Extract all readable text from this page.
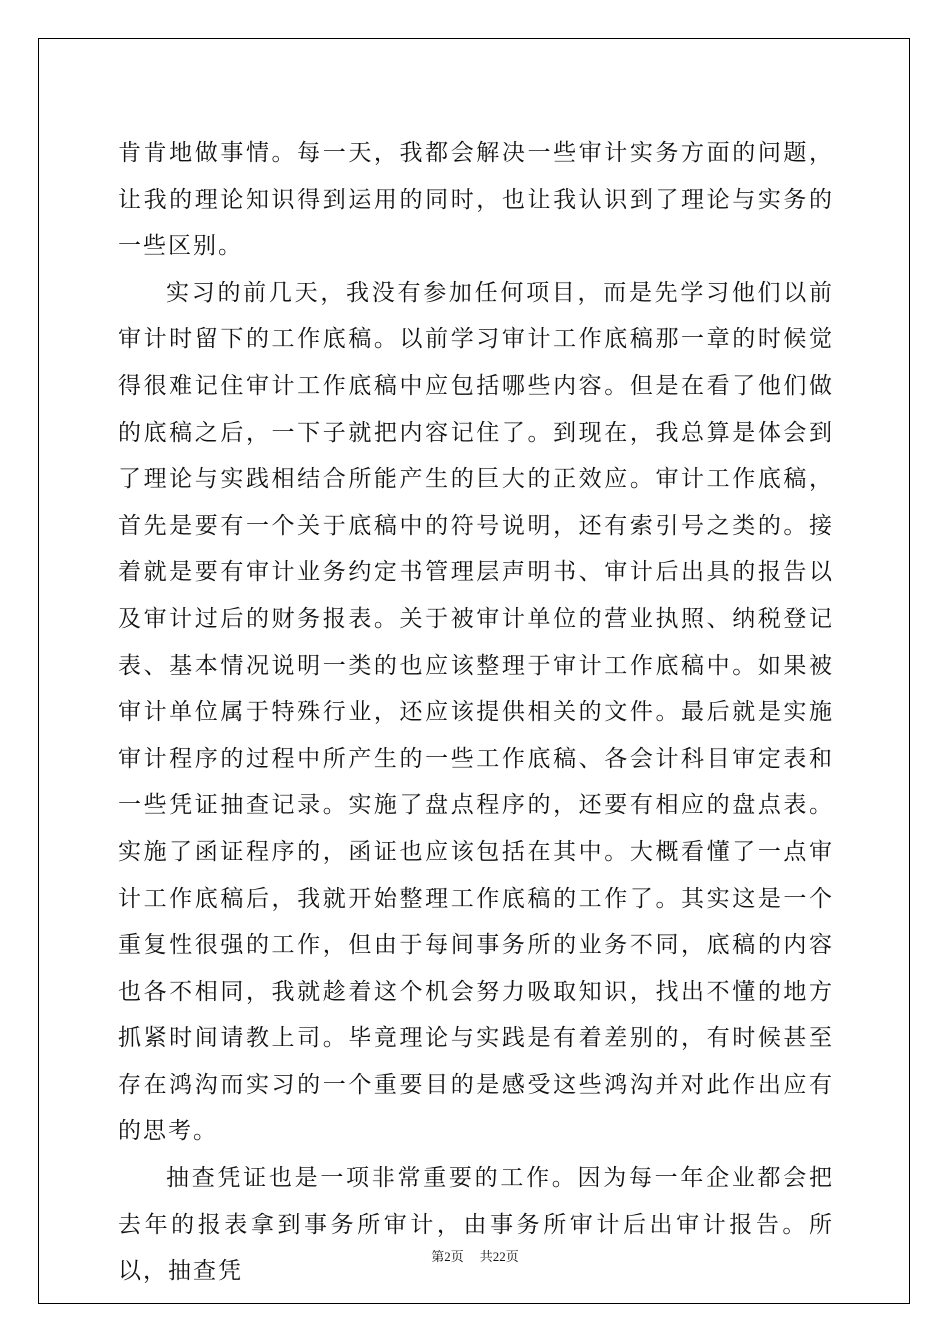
肯肯地做事情。每一天，我都会解决一些审计实务方面的问题，让我的理论知识得到运用的同时，也让我认识到了理论与实务的一些区别。

实习的前几天，我没有参加任何项目，而是先学习他们以前审计时留下的工作底稿。以前学习审计工作底稿那一章的时候觉得很难记住审计工作底稿中应包括哪些内容。但是在看了他们做的底稿之后，一下子就把内容记住了。到现在，我总算是体会到了理论与实践相结合所能产生的巨大的正效应。审计工作底稿，首先是要有一个关于底稿中的符号说明，还有索引号之类的。接着就是要有审计业务约定书管理层声明书、审计后出具的报告以及审计过后的财务报表。关于被审计单位的营业执照、纳税登记表、基本情况说明一类的也应该整理于审计工作底稿中。如果被审计单位属于特殊行业，还应该提供相关的文件。最后就是实施审计程序的过程中所产生的一些工作底稿、各会计科目审定表和一些凭证抽查记录。实施了盘点程序的，还要有相应的盘点表。实施了函证程序的，函证也应该包括在其中。大概看懂了一点审计工作底稿后，我就开始整理工作底稿的工作了。其实这是一个重复性很强的工作，但由于每间事务所的业务不同，底稿的内容也各不相同，我就趁着这个机会努力吸取知识，找出不懂的地方抓紧时间请教上司。毕竟理论与实践是有着差别的，有时候甚至存在鸿沟而实习的一个重要目的是感受这些鸿沟并对此作出应有的思考。

抽查凭证也是一项非常重要的工作。因为每一年企业都会把去年的报表拿到事务所审计，由事务所审计后出审计报告。所以，抽查凭

第2页 共22页
